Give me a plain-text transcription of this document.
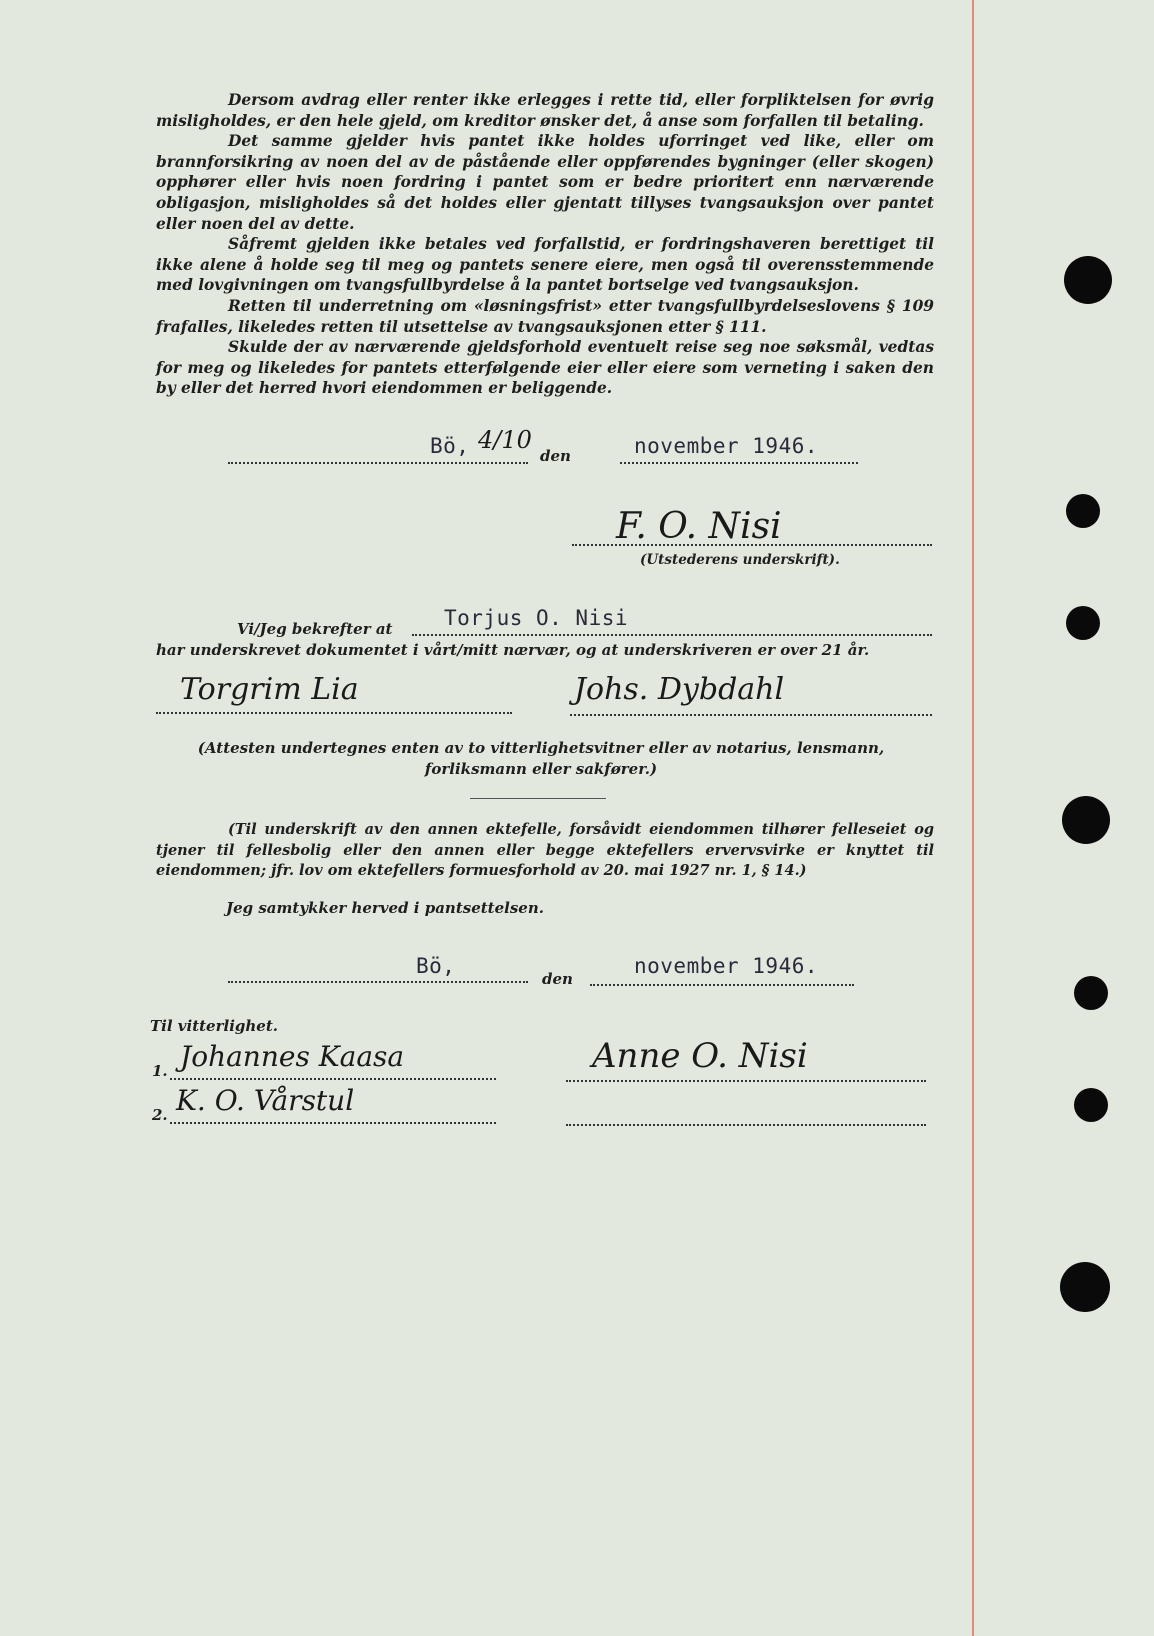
Dersom avdrag eller renter ikke erlegges i rette tid, eller forpliktelsen for øvrig misligholdes, er den hele gjeld, om kreditor ønsker det, å anse som forfallen til betaling.

Det samme gjelder hvis pantet ikke holdes uforringet ved like, eller om brannforsikring av noen del av de påstående eller oppførendes bygninger (eller skogen) opphører eller hvis noen fordring i pantet som er bedre prioritert enn nærværende obligasjon, misligholdes så det holdes eller gjentatt tillyses tvangsauksjon over pantet eller noen del av dette.

Såfremt gjelden ikke betales ved forfallstid, er fordringshaveren berettiget til ikke alene å holde seg til meg og pantets senere eiere, men også til overensstemmende med lovgivningen om tvangsfullbyrdelse å la pantet bortselge ved tvangsauksjon.

Retten til underretning om «løsningsfrist» etter tvangsfullbyrdelseslovens § 109 frafalles, likeledes retten til utsettelse av tvangsauksjonen etter § 111.

Skulde der av nærværende gjeldsforhold eventuelt reise seg noe søksmål, vedtas for meg og likeledes for pantets etterfølgende eier eller eiere som verneting i saken den by eller det herred hvori eiendommen er beliggende.

Bö, 4/10
den	november 1946.
F. O. Nisi
(Utstederens underskrift).
Vi/Jeg bekrefter at Torjus O. Nisi
har underskrevet dokumentet i vårt/mitt nærvær, og at underskriveren er over 21 år.
Torgrim Lia	Johs. Dybdahl
(Attesten undertegnes enten av to vitterlighetsvitner eller av notarius, lensmann, forliksmann eller sakfører.)

(Til underskrift av den annen ektefelle, forsåvidt eiendommen tilhører felleseiet og tjener til fellesbolig eller den annen eller begge ektefellers ervervsvirke er knyttet til eiendommen; jfr. lov om ektefellers formuesforhold av 20. mai 1927 nr. 1, § 14.)

Jeg samtykker herved i pantsettelsen.
Bö,
den
november 1946.
Til vitterlighet.
1. Johannes Kaasa
2. K. O. Vårstul
Anne O. Nisi
